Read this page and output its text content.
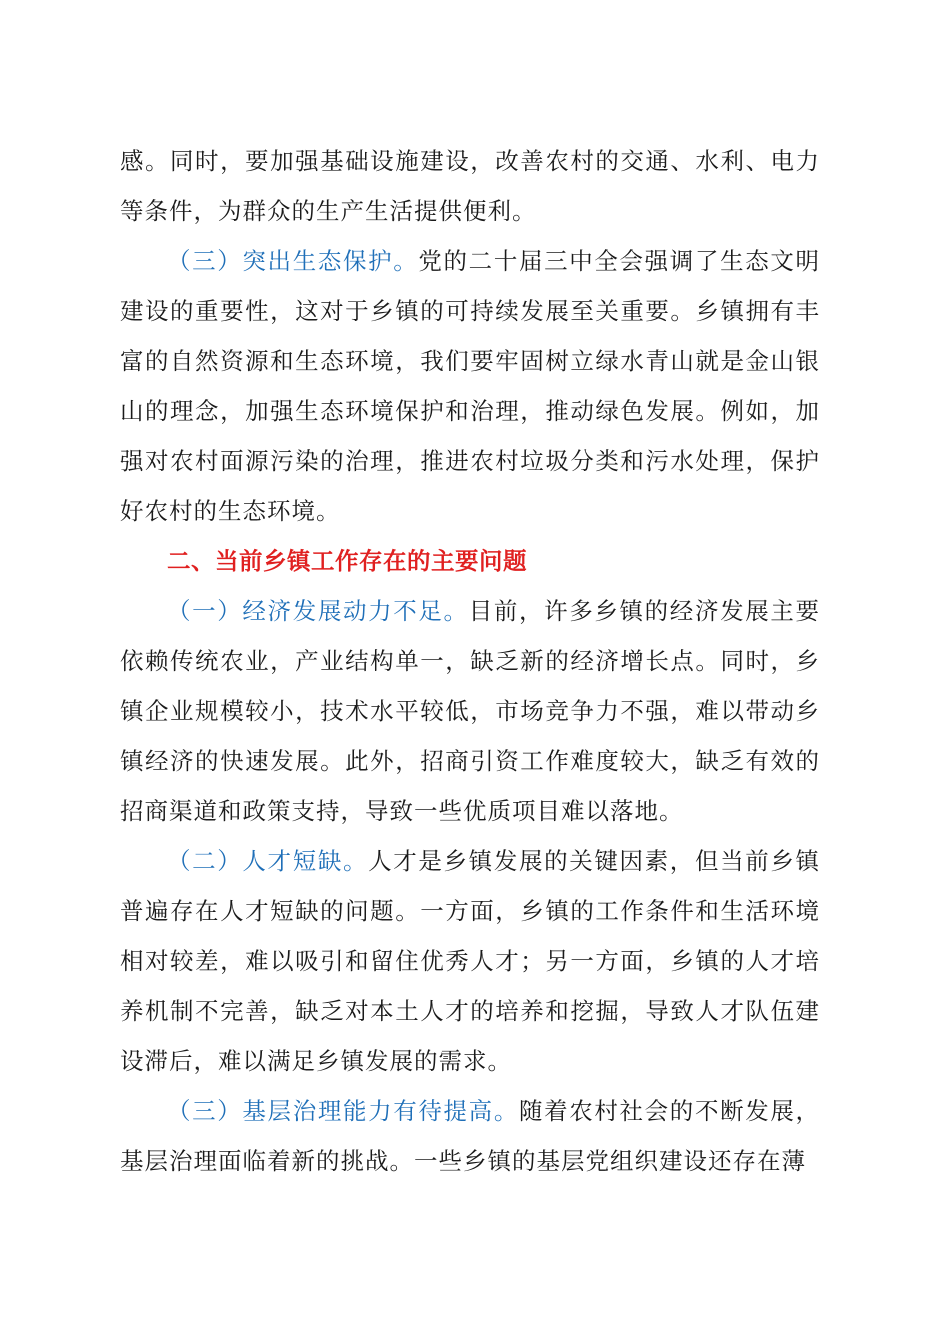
感。同时，要加强基础设施建设，改善农村的交通、水利、电力等条件，为群众的生产生活提供便利。

（三）突出生态保护。党的二十届三中全会强调了生态文明建设的重要性，这对于乡镇的可持续发展至关重要。乡镇拥有丰富的自然资源和生态环境，我们要牢固树立绿水青山就是金山银山的理念，加强生态环境保护和治理，推动绿色发展。例如，加强对农村面源污染的治理，推进农村垃圾分类和污水处理，保护好农村的生态环境。

二、当前乡镇工作存在的主要问题

（一）经济发展动力不足。目前，许多乡镇的经济发展主要依赖传统农业，产业结构单一，缺乏新的经济增长点。同时，乡镇企业规模较小，技术水平较低，市场竞争力不强，难以带动乡镇经济的快速发展。此外，招商引资工作难度较大，缺乏有效的招商渠道和政策支持，导致一些优质项目难以落地。

（二）人才短缺。人才是乡镇发展的关键因素，但当前乡镇普遍存在人才短缺的问题。一方面，乡镇的工作条件和生活环境相对较差，难以吸引和留住优秀人才；另一方面，乡镇的人才培养机制不完善，缺乏对本土人才的培养和挖掘，导致人才队伍建设滞后，难以满足乡镇发展的需求。

（三）基层治理能力有待提高。随着农村社会的不断发展，基层治理面临着新的挑战。一些乡镇的基层党组织建设还存在薄
